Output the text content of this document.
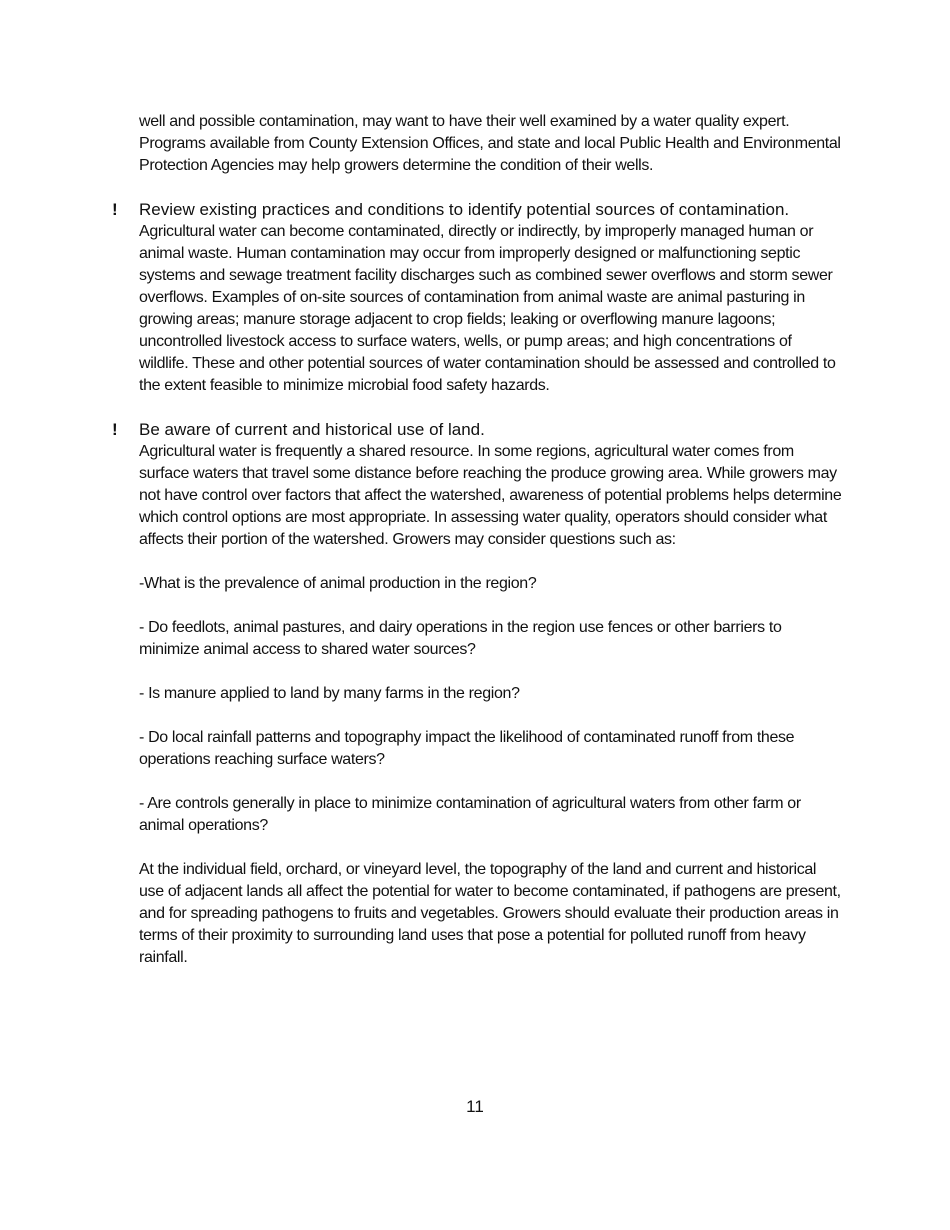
well and possible contamination, may want to have their well examined by a water quality expert. Programs available from County Extension Offices, and state and local Public Health and Environmental Protection Agencies may help growers determine the condition of their wells.

! Review existing practices and conditions to identify potential sources of contamination.

Agricultural water can become contaminated, directly or indirectly, by improperly managed human or animal waste. Human contamination may occur from improperly designed or malfunctioning septic systems and sewage treatment facility discharges such as combined sewer overflows and storm sewer overflows. Examples of on-site sources of contamination from animal waste are animal pasturing in growing areas; manure storage adjacent to crop fields; leaking or overflowing manure lagoons; uncontrolled livestock access to surface waters, wells, or pump areas; and high concentrations of wildlife. These and other potential sources of water contamination should be assessed and controlled to the extent feasible to minimize microbial food safety hazards.

! Be aware of current and historical use of land.

Agricultural water is frequently a shared resource. In some regions, agricultural water comes from surface waters that travel some distance before reaching the produce growing area. While growers may not have control over factors that affect the watershed, awareness of potential problems helps determine which control options are most appropriate. In assessing water quality, operators should consider what affects their portion of the watershed. Growers may consider questions such as:

-What is the prevalence of animal production in the region?

- Do feedlots, animal pastures, and dairy operations in the region use fences or other barriers to minimize animal access to shared water sources?

- Is manure applied to land by many farms in the region?

- Do local rainfall patterns and topography impact the likelihood of contaminated runoff from these operations reaching surface waters?

- Are controls generally in place to minimize contamination of agricultural waters from other farm or animal operations?

At the individual field, orchard, or vineyard level, the topography of the land and current and historical use of adjacent lands all affect the potential for water to become contaminated, if pathogens are present, and for spreading pathogens to fruits and vegetables. Growers should evaluate their production areas in terms of their proximity to surrounding land uses that pose a potential for polluted runoff from heavy rainfall.

11
